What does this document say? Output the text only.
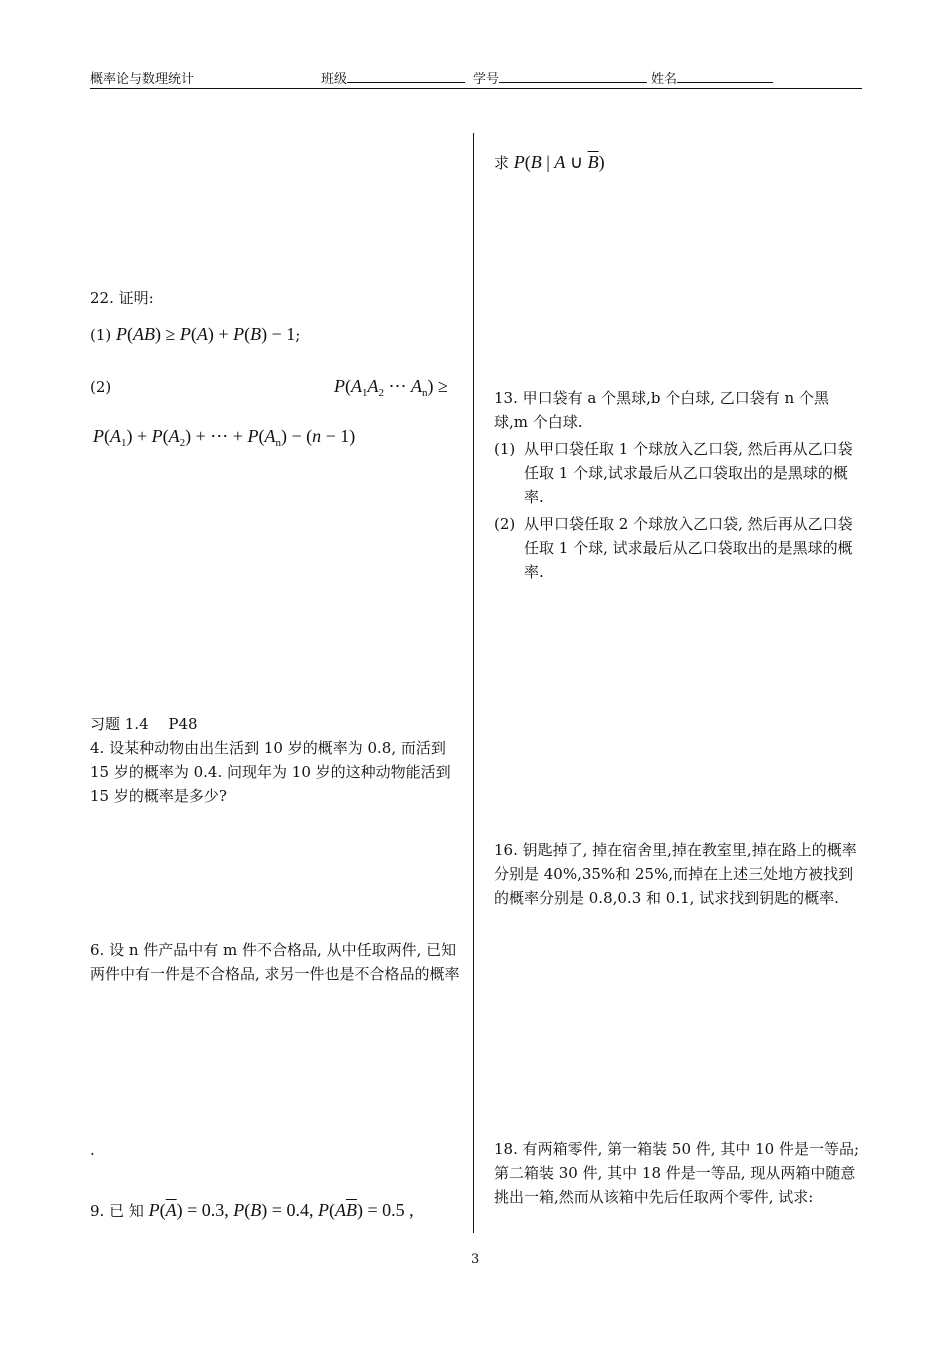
概率论与数理统计	班级	学号	姓名
22. 证明:
(1) P(AB) ≥ P(A) + P(B) − 1;
(2)	$P(A_1A_2$ ⋯ $A_n$) ≥
$P(A_1) + P(A_2)$ + ⋯ + $P(A_n) - (n - 1)$
习题 1.4　 P48
4. 设某种动物由出生活到 10 岁的概率为 0.8, 而活到 15 岁的概率为 0.4. 问现年为 10 岁的这种动物能活到 15 岁的概率是多少?
6. 设 n 件产品中有 m 件不合格品, 从中任取两件, 已知两件中有一件是不合格品, 求另一件也是不合格品的概率
.
9. 已 知 $P(\overline{A}) = 0.3$, P(B) = 0.4, $P(A\overline{B}) = 0.5$ ,
求 P(B | A ∪ $\overline{B}$)
13. 甲口袋有 a 个黑球,b 个白球, 乙口袋有 n 个黑球,m 个白球.
(1) 从甲口袋任取 1 个球放入乙口袋, 然后再从乙口袋任取 1 个球,试求最后从乙口袋取出的是黑球的概率.
(2) 从甲口袋任取 2 个球放入乙口袋, 然后再从乙口袋任取 1 个球, 试求最后从乙口袋取出的是黑球的概率.
16. 钥匙掉了, 掉在宿舍里,掉在教室里,掉在路上的概率分别是 40%,35%和 25%,而掉在上述三处地方被找到的概率分别是 0.8,0.3 和 0.1, 试求找到钥匙的概率.
18. 有两箱零件, 第一箱装 50 件, 其中 10 件是一等品; 第二箱装 30 件, 其中 18 件是一等品, 现从两箱中随意挑出一箱,然而从该箱中先后任取两个零件, 试求:
3
